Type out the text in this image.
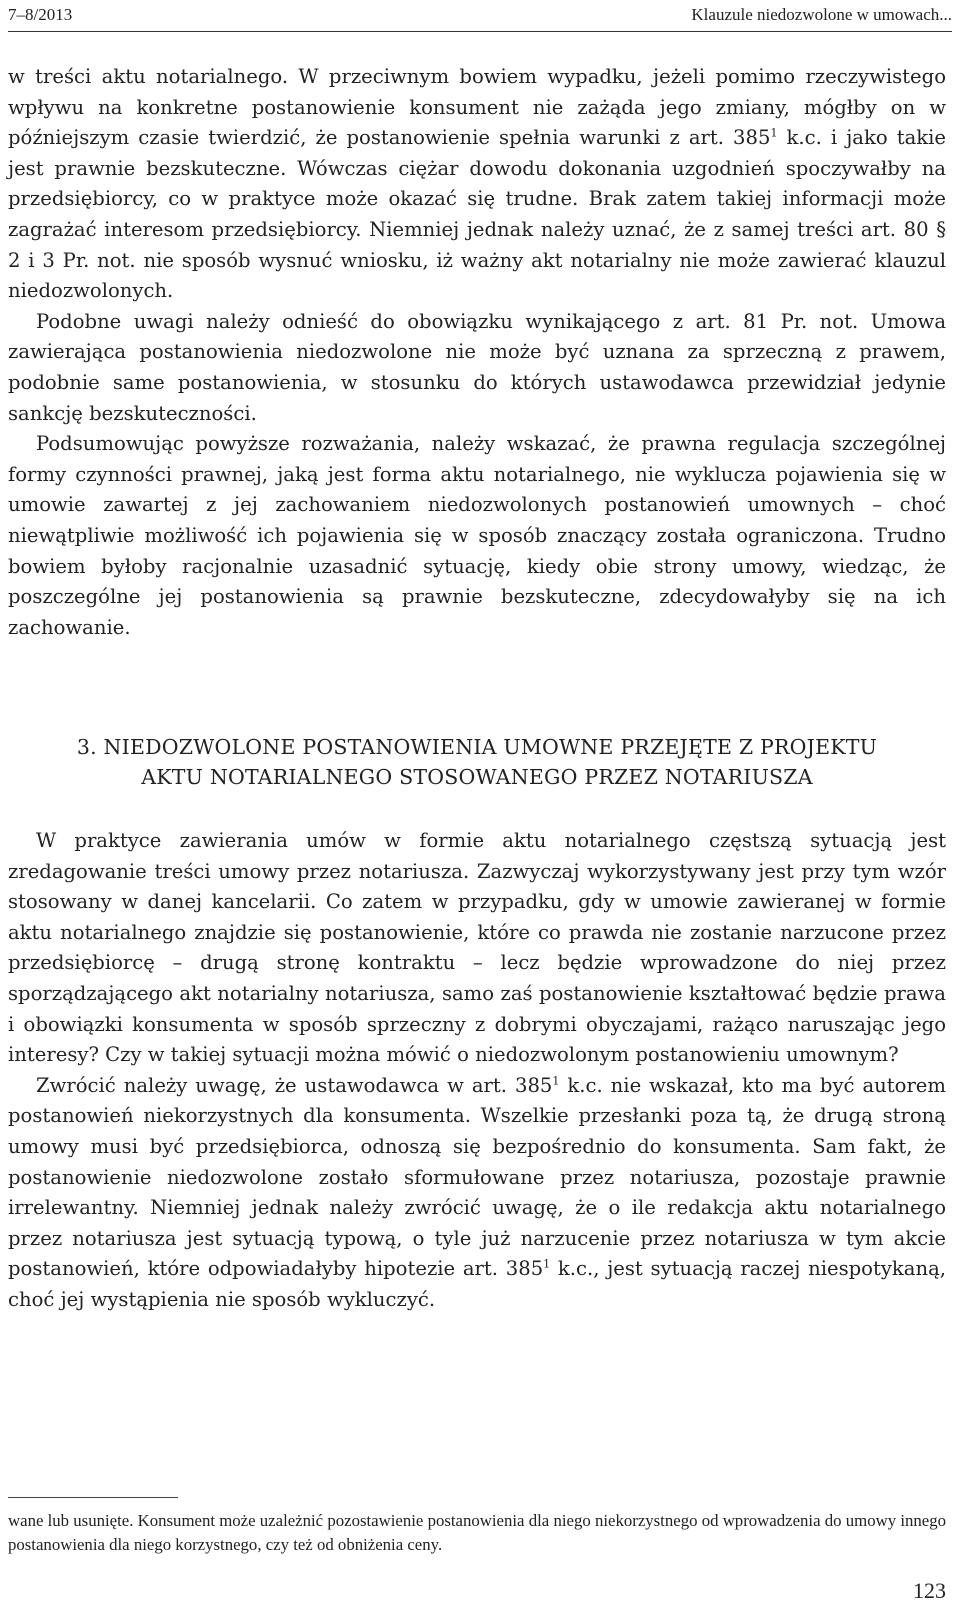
7–8/2013	Klauzule niedozwolone w umowach...

w treści aktu notarialnego. W przeciwnym bowiem wypadku, jeżeli pomimo rzeczywistego wpływu na konkretne postanowienie konsument nie zażąda jego zmiany, mógłby on w późniejszym czasie twierdzić, że postanowienie spełnia warunki z art. $385^1$ k.c. i jako takie jest prawnie bezskuteczne. Wówczas ciężar dowodu dokonania uzgodnień spoczywałby na przedsiębiorcy, co w praktyce może okazać się trudne. Brak zatem takiej informacji może zagrażać interesom przedsiębiorcy. Niemniej jednak należy uznać, że z samej treści art. 80 § 2 i 3 Pr. not. nie sposób wysnuć wniosku, iż ważny akt notarialny nie może zawierać klauzul niedozwolonych.

Podobne uwagi należy odnieść do obowiązku wynikającego z art. 81 Pr. not. Umowa zawierająca postanowienia niedozwolone nie może być uznana za sprzeczną z prawem, podobnie same postanowienia, w stosunku do których ustawodawca przewidział jedynie sankcję bezskuteczności.

Podsumowując powyższe rozważania, należy wskazać, że prawna regulacja szczególnej formy czynności prawnej, jaką jest forma aktu notarialnego, nie wyklucza pojawienia się w umowie zawartej z jej zachowaniem niedozwolonych postanowień umownych – choć niewątpliwie możliwość ich pojawienia się w sposób znaczący została ograniczona. Trudno bowiem byłoby racjonalnie uzasadnić sytuację, kiedy obie strony umowy, wiedząc, że poszczególne jej postanowienia są prawnie bezskuteczne, zdecydowałyby się na ich zachowanie.

3. NIEDOZWOLONE POSTANOWIENIA UMOWNE PRZEJĘTE Z PROJEKTU
AKTU NOTARIALNEGO STOSOWANEGO PRZEZ NOTARIUSZA

W praktyce zawierania umów w formie aktu notarialnego częstszą sytuacją jest zredagowanie treści umowy przez notariusza. Zazwyczaj wykorzystywany jest przy tym wzór stosowany w danej kancelarii. Co zatem w przypadku, gdy w umowie zawieranej w formie aktu notarialnego znajdzie się postanowienie, które co prawda nie zostanie narzucone przez przedsiębiorcę – drugą stronę kontraktu – lecz będzie wprowadzone do niej przez sporządzającego akt notarialny notariusza, samo zaś postanowienie kształtować będzie prawa i obowiązki konsumenta w sposób sprzeczny z dobrymi obyczajami, rażąco naruszając jego interesy? Czy w takiej sytuacji można mówić o niedozwolonym postanowieniu umownym?

Zwrócić należy uwagę, że ustawodawca w art. $385^1$ k.c. nie wskazał, kto ma być autorem postanowień niekorzystnych dla konsumenta. Wszelkie przesłanki poza tą, że drugą stroną umowy musi być przedsiębiorca, odnoszą się bezpośrednio do konsumenta. Sam fakt, że postanowienie niedozwolone zostało sformułowane przez notariusza, pozostaje prawnie irrelewantny. Niemniej jednak należy zwrócić uwagę, że o ile redakcja aktu notarialnego przez notariusza jest sytuacją typową, o tyle już narzucenie przez notariusza w tym akcie postanowień, które odpowiadałyby hipotezie art. $385^1$ k.c., jest sytuacją raczej niespotykaną, choć jej wystąpienia nie sposób wykluczyć.

wane lub usunięte. Konsument może uzależnić pozostawienie postanowienia dla niego niekorzystnego od wprowadzenia do umowy innego postanowienia dla niego korzystnego, czy też od obniżenia ceny.
123
